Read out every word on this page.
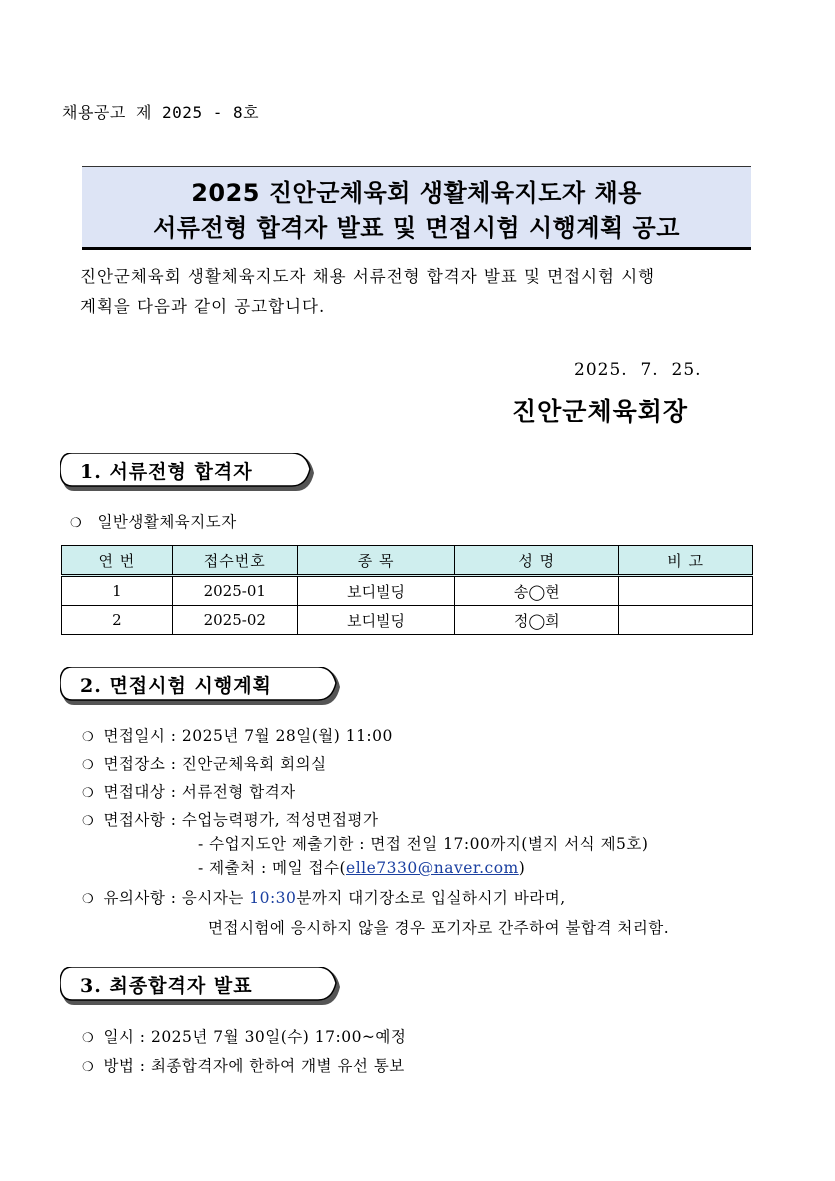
채용공고 제 2025 - 8호
2025 진안군체육회 생활체육지도자 채용
서류전형 합격자 발표 및 면접시험 시행계획 공고
진안군체육회 생활체육지도자 채용 서류전형 합격자 발표 및 면접시험 시행
계획을 다음과 같이 공고합니다.
2025.  7.  25.
진안군체육회장
1. 서류전형 합격자
❍ 일반생활체육지도자
연 번	접수번호	종 목	성 명	비 고
1	2025-01	보디빌딩	송◯현	
2	2025-02	보디빌딩	정◯희	
2. 면접시험 시행계획
❍ 면접일시 : 2025년 7월 28일(월) 11:00
❍ 면접장소 : 진안군체육회 회의실
❍ 면접대상 : 서류전형 합격자
❍ 면접사항 : 수업능력평가, 적성면접평가
- 수업지도안 제출기한 : 면접 전일 17:00까지(별지 서식 제5호)
- 제출처 : 메일 접수(elle7330@naver.com)
❍ 유의사항 : 응시자는 10:30분까지 대기장소로 입실하시기 바라며,
면접시험에 응시하지 않을 경우 포기자로 간주하여 불합격 처리함.
3. 최종합격자 발표
❍ 일시 : 2025년 7월 30일(수) 17:00~예정
❍ 방법 : 최종합격자에 한하여 개별 유선 통보
